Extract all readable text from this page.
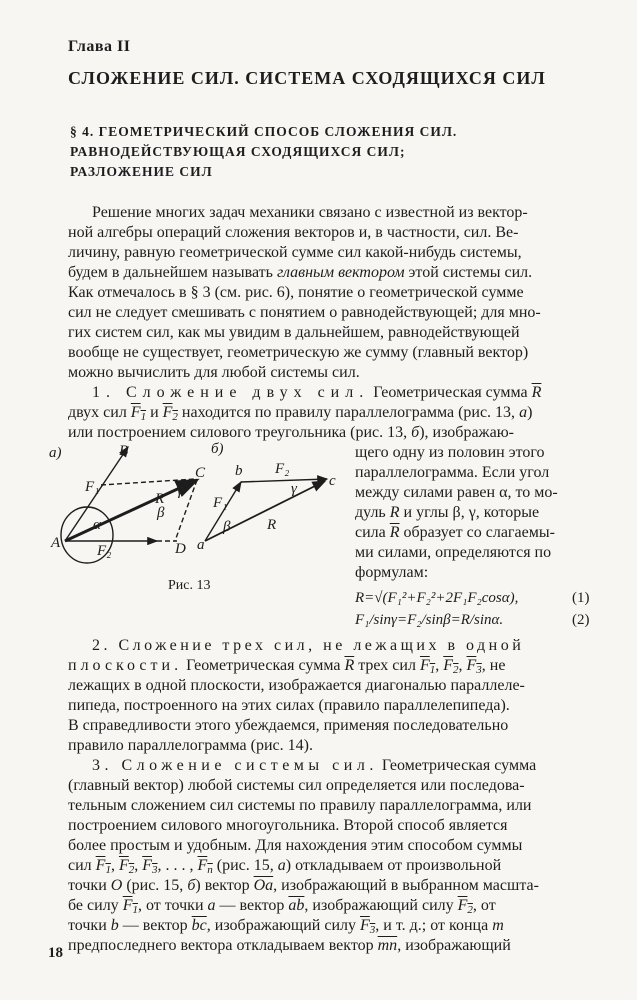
Глава II
СЛОЖЕНИЕ СИЛ. СИСТЕМА СХОДЯЩИХСЯ СИЛ
§ 4. ГЕОМЕТРИЧЕСКИЙ СПОСОБ СЛОЖЕНИЯ СИЛ.
РАВНОДЕЙСТВУЮЩАЯ СХОДЯЩИХСЯ СИЛ;
РАЗЛОЖЕНИЕ СИЛ
Решение многих задач механики связано с известной из вектор-
ной алгебры операций сложения векторов и, в частности, сил. Ве-
личину, равную геометрической сумме сил какой-нибудь системы,
будем в дальнейшем называть главным вектором этой системы сил.
Как отмечалось в § 3 (см. рис. 6), понятие о геометрической сумме
сил не следует смешивать с понятием о равнодействующей; для мно-
гих систем сил, как мы увидим в дальнейшем, равнодействующей
вообще не существует, геометрическую же сумму (главный вектор)
можно вычислить для любой системы сил.
1. Сложение двух сил. Геометрическая сумма $\overline{R}$
двух сил $F_1$ и $F_2$ находится по правилу параллелограмма (рис. 13, a)
или построением силового треугольника (рис. 13, б), изображаю-
щего одну из половин этого
параллелограмма. Если угол
между силами равен α, то мо-
дуль R и углы β, γ, которые
сила $\overline{R}$ образует со слагаемы-
ми силами, определяются по
формулам:
R=√(F₁²+F₂²+2F₁F₂cosα),	(1)
F₁/sinγ=F₂/sinβ=R/sinα.	(2)
а)	б)
B
C
D
A
F₁
F₂
R
α
β
γ
a
b
c
F₁
F₂
R
β
γ
Рис. 13
2. Сложение трех сил, не лежащих в одной
плоскости. Геометрическая сумма $\overline{R}$ трех сил $F_1$, $F_2$, $F_3$, не
лежащих в одной плоскости, изображается диагональю параллеле-
пипеда, построенного на этих силах (правило параллелепипеда).
В справедливости этого убеждаемся, применяя последовательно
правило параллелограмма (рис. 14).
3. Сложение системы сил. Геометрическая сумма
(главный вектор) любой системы сил определяется или последова-
тельным сложением сил системы по правилу параллелограмма, или
построением силового многоугольника. Второй способ является
более простым и удобным. Для нахождения этим способом суммы
сил $F_1$, $F_2$, $F_3$, . . . , $F_n$ (рис. 15, a) откладываем от произвольной
точки O (рис. 15, б) вектор $\overline{Oa}$, изображающий в выбранном масшта-
бе силу $F_1$, от точки a — вектор $\overline{ab}$, изображающий силу $F_2$, от
точки b — вектор $\overline{bc}$, изображающий силу $F_3$, и т. д.; от конца m
предпоследнего вектора откладываем вектор $\overline{mn}$, изображающий
18
